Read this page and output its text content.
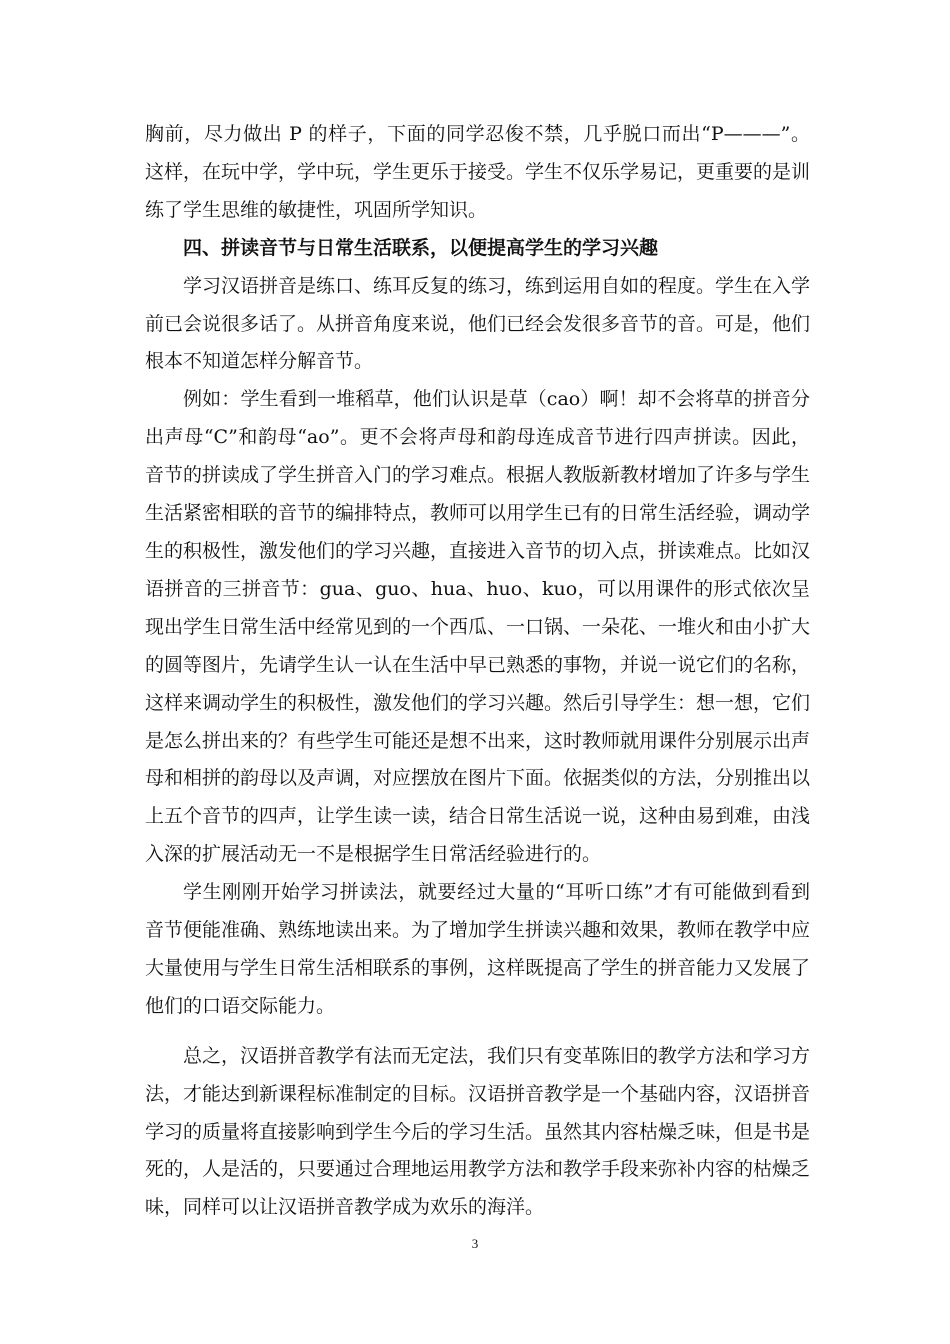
胸前，尽力做出 P 的样子，下面的同学忍俊不禁，几乎脱口而出“P———”。这样，在玩中学，学中玩，学生更乐于接受。学生不仅乐学易记，更重要的是训练了学生思维的敏捷性，巩固所学知识。

四、拼读音节与日常生活联系，以便提高学生的学习兴趣

学习汉语拼音是练口、练耳反复的练习，练到运用自如的程度。学生在入学前已会说很多话了。从拼音角度来说，他们已经会发很多音节的音。可是，他们根本不知道怎样分解音节。

例如：学生看到一堆稻草，他们认识是草（cao）啊！却不会将草的拼音分出声母“C”和韵母“ao”。更不会将声母和韵母连成音节进行四声拼读。因此，音节的拼读成了学生拼音入门的学习难点。根据人教版新教材增加了许多与学生生活紧密相联的音节的编排特点，教师可以用学生已有的日常生活经验，调动学生的积极性，激发他们的学习兴趣，直接进入音节的切入点，拼读难点。比如汉语拼音的三拼音节：gua、guo、hua、huo、kuo，可以用课件的形式依次呈现出学生日常生活中经常见到的一个西瓜、一口锅、一朵花、一堆火和由小扩大的圆等图片，先请学生认一认在生活中早已熟悉的事物，并说一说它们的名称，这样来调动学生的积极性，激发他们的学习兴趣。然后引导学生：想一想，它们是怎么拼出来的？有些学生可能还是想不出来，这时教师就用课件分别展示出声母和相拼的韵母以及声调，对应摆放在图片下面。依据类似的方法，分别推出以上五个音节的四声，让学生读一读，结合日常生活说一说，这种由易到难，由浅入深的扩展活动无一不是根据学生日常活经验进行的。

学生刚刚开始学习拼读法，就要经过大量的“耳听口练”才有可能做到看到音节便能准确、熟练地读出来。为了增加学生拼读兴趣和效果，教师在教学中应大量使用与学生日常生活相联系的事例，这样既提高了学生的拼音能力又发展了他们的口语交际能力。

总之，汉语拼音教学有法而无定法，我们只有变革陈旧的教学方法和学习方法，才能达到新课程标准制定的目标。汉语拼音教学是一个基础内容，汉语拼音学习的质量将直接影响到学生今后的学习生活。虽然其内容枯燥乏味，但是书是死的，人是活的，只要通过合理地运用教学方法和教学手段来弥补内容的枯燥乏味，同样可以让汉语拼音教学成为欢乐的海洋。

3
